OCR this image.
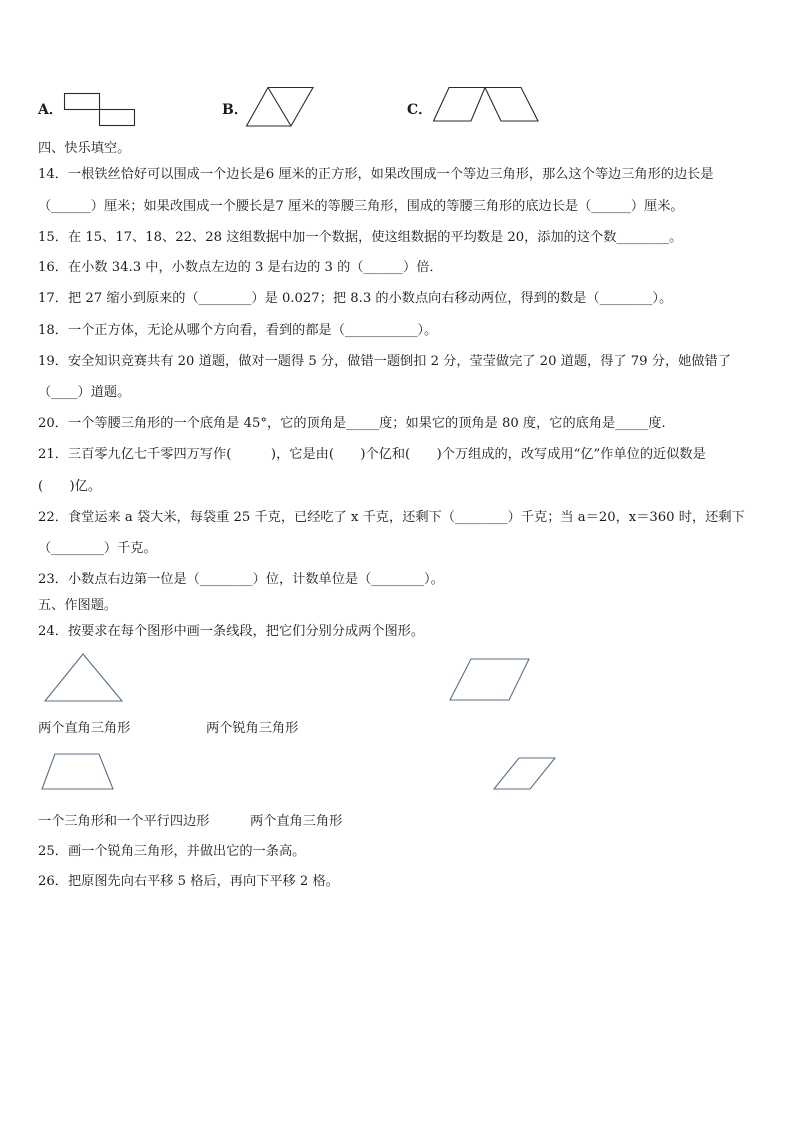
A．	B．	C．
四、快乐填空。
14．一根铁丝恰好可以围成一个边长是6 厘米的正方形，如果改围成一个等边三角形，那么这个等边三角形的边长是
（______）厘米；如果改围成一个腰长是7 厘米的等腰三角形，围成的等腰三角形的底边长是（______）厘米。
15．在 15、17、18、22、28 这组数据中加一个数据，使这组数据的平均数是 20，添加的这个数________。
16．在小数 34.3 中，小数点左边的 3 是右边的 3 的（______）倍．
17．把 27 缩小到原来的（________）是 0.027；把 8.3 的小数点向右移动两位，得到的数是（________）。
18．一个正方体，无论从哪个方向看，看到的都是（___________）。
19．安全知识竞赛共有 20 道题，做对一题得 5 分，做错一题倒扣 2 分，莹莹做完了 20 道题，得了 79 分，她做错了
（____）道题。
20．一个等腰三角形的一个底角是 45°，它的顶角是_____度；如果它的顶角是 80 度，它的底角是_____度.
21．三百零九亿七千零四万写作(　　　)，它是由(　　)个亿和(　　)个万组成的，改写成用“亿”作单位的近似数是
(　　)亿。
22．食堂运来 a 袋大米，每袋重 25 千克，已经吃了 x 千克，还剩下（________）千克；当 a＝20，x＝360 时，还剩下
（________）千克。
23．小数点右边第一位是（________）位，计数单位是（________）。
五、作图题。
24．按要求在每个图形中画一条线段，把它们分别分成两个图形。
两个直角三角形	两个锐角三角形
一个三角形和一个平行四边形	两个直角三角形
25．画一个锐角三角形，并做出它的一条高。
26．把原图先向右平移 5 格后，再向下平移 2 格。
